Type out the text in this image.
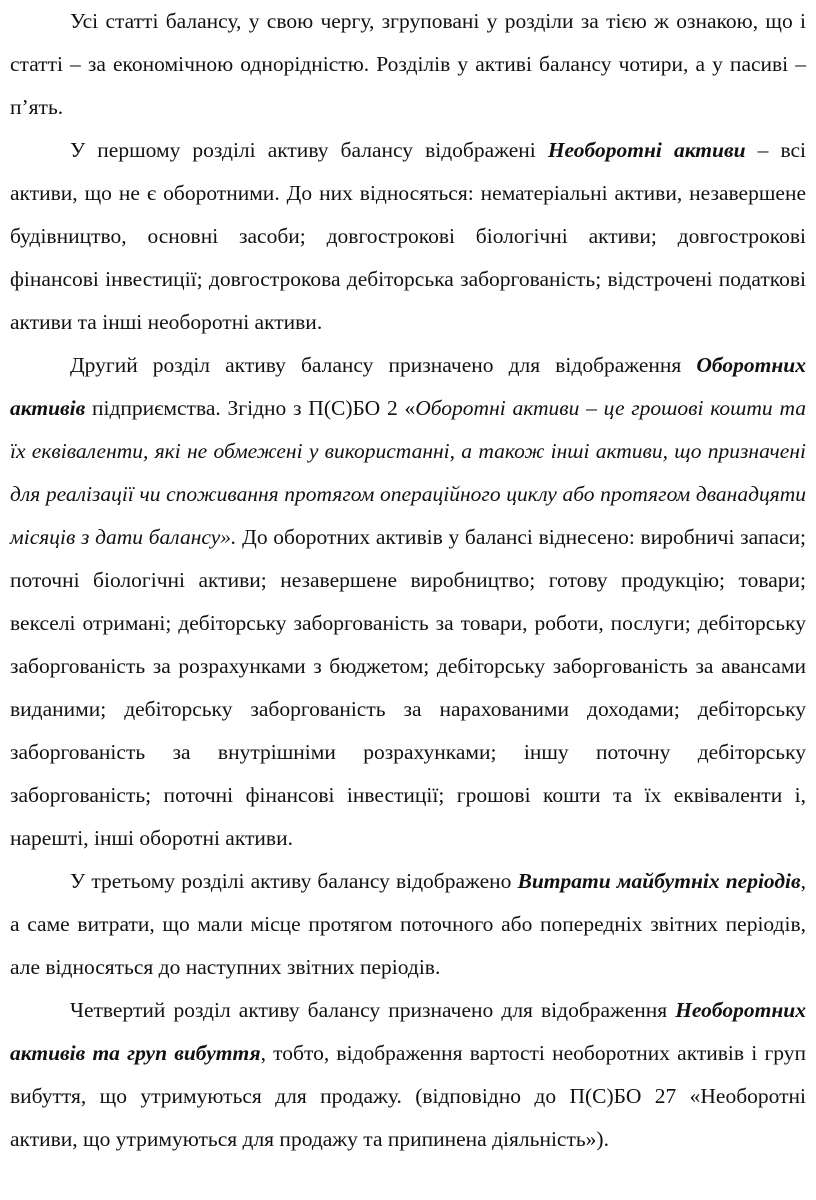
Усі статті балансу, у свою чергу, згруповані у розділи за тією ж ознакою, що і статті – за економічною однорідністю. Розділів у активі балансу чотири, а у пасиві – п’ять.

У першому розділі активу балансу відображені Необоротні активи – всі активи, що не є оборотними. До них відносяться: нематеріальні активи, незавершене будівництво, основні засоби; довгострокові біологічні активи; довгострокові фінансові інвестиції; довгострокова дебіторська заборгованість; відстрочені податкові активи та інші необоротні активи.

Другий розділ активу балансу призначено для відображення Оборотних активів підприємства. Згідно з П(С)БО 2 «Оборотні активи – це грошові кошти та їх еквіваленти, які не обмежені у використанні, а також інші активи, що призначені для реалізації чи споживання протягом операційного циклу або протягом дванадцяти місяців з дати балансу». До оборотних активів у балансі віднесено: виробничі запаси; поточні біологічні активи; незавершене виробництво; готову продукцію; товари; векселі отримані; дебіторську заборгованість за товари, роботи, послуги; дебіторську заборгованість за розрахунками з бюджетом; дебіторську заборгованість за авансами виданими; дебіторську заборгованість за нарахованими доходами; дебіторську заборгованість за внутрішніми розрахунками; іншу поточну дебіторську заборгованість; поточні фінансові інвестиції; грошові кошти та їх еквіваленти і, нарешті, інші оборотні активи.

У третьому розділі активу балансу відображено Витрати майбутніх періодів, а саме витрати, що мали місце протягом поточного або попередніх звітних періодів, але відносяться до наступних звітних періодів.

Четвертий розділ активу балансу призначено для відображення Необоротних активів та груп вибуття, тобто, відображення вартості необоротних активів і груп вибуття, що утримуються для продажу. (відповідно до П(С)БО 27 «Необоротні активи, що утримуються для продажу та припинена діяльність»).
